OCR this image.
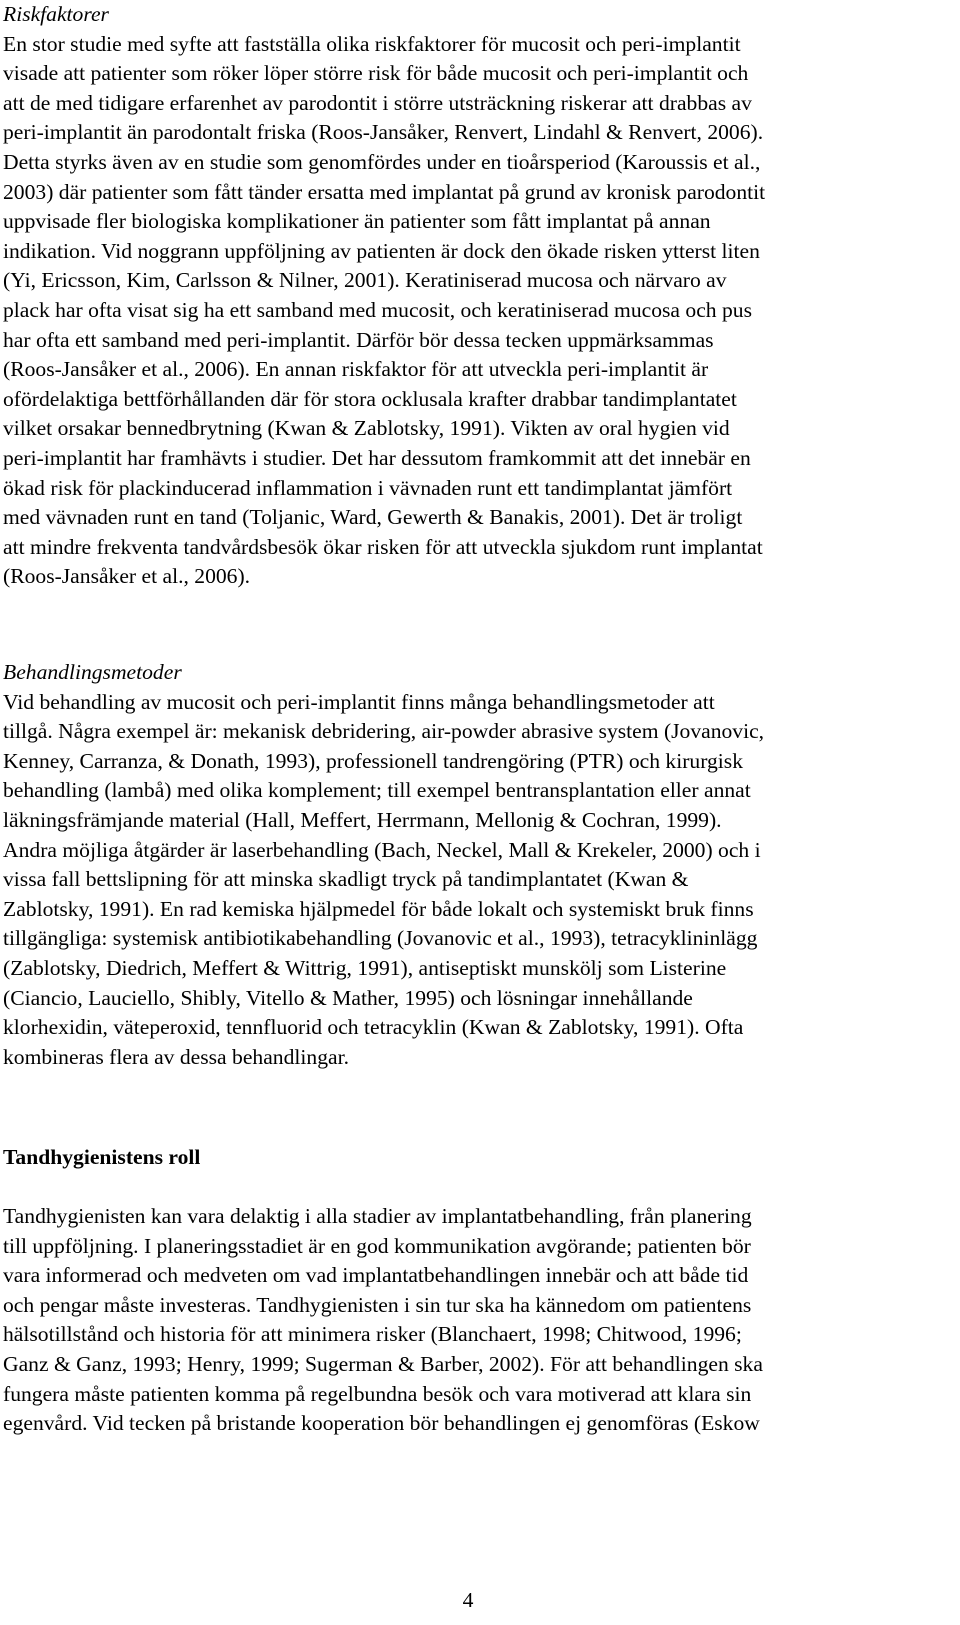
Riskfaktorer

En stor studie med syfte att fastställa olika riskfaktorer för mucosit och peri-implantit

visade att patienter som röker löper större risk för både mucosit och peri-implantit och

att de med tidigare erfarenhet av parodontit i större utsträckning riskerar att drabbas av

peri-implantit än parodontalt friska (Roos-Jansåker, Renvert, Lindahl & Renvert, 2006).

Detta styrks även av en studie som genomfördes under en tioårsperiod (Karoussis et al.,

2003) där patienter som fått tänder ersatta med implantat på grund av kronisk parodontit

uppvisade fler biologiska komplikationer än patienter som fått implantat på annan

indikation. Vid noggrann uppföljning av patienten är dock den ökade risken ytterst liten

(Yi, Ericsson, Kim, Carlsson & Nilner, 2001). Keratiniserad mucosa och närvaro av

plack har ofta visat sig ha ett samband med mucosit, och keratiniserad mucosa och pus

har ofta ett samband med peri-implantit. Därför bör dessa tecken uppmärksammas

(Roos-Jansåker et al., 2006). En annan riskfaktor för att utveckla peri-implantit är

ofördelaktiga bettförhållanden där för stora ocklusala krafter drabbar tandimplantatet

vilket orsakar bennedbrytning (Kwan & Zablotsky, 1991). Vikten av oral hygien vid

peri-implantit har framhävts i studier. Det har dessutom framkommit att det innebär en

ökad risk för plackinducerad inflammation i vävnaden runt ett tandimplantat jämfört

med vävnaden runt en tand (Toljanic, Ward, Gewerth & Banakis, 2001). Det är troligt

att mindre frekventa tandvårdsbesök ökar risken för att utveckla sjukdom runt implantat

(Roos-Jansåker et al., 2006).

Behandlingsmetoder

Vid behandling av mucosit och peri-implantit finns många behandlingsmetoder att

tillgå. Några exempel är: mekanisk debridering, air-powder abrasive system (Jovanovic,

Kenney, Carranza, & Donath, 1993), professionell tandrengöring (PTR) och kirurgisk

behandling (lambå) med olika komplement; till exempel bentransplantation eller annat

läkningsfrämjande material (Hall, Meffert, Herrmann, Mellonig & Cochran, 1999).

Andra möjliga åtgärder är laserbehandling (Bach, Neckel, Mall & Krekeler, 2000) och i

vissa fall bettslipning för att minska skadligt tryck på tandimplantatet (Kwan &

Zablotsky, 1991). En rad kemiska hjälpmedel för både lokalt och systemiskt bruk finns

tillgängliga: systemisk antibiotikabehandling (Jovanovic et al., 1993), tetracyklininlägg

(Zablotsky, Diedrich, Meffert & Wittrig, 1991), antiseptiskt munskölj som Listerine

(Ciancio, Lauciello, Shibly, Vitello & Mather, 1995) och lösningar innehållande

klorhexidin, väteperoxid, tennfluorid och tetracyklin (Kwan & Zablotsky, 1991). Ofta

kombineras flera av dessa behandlingar.

Tandhygienistens roll

Tandhygienisten kan vara delaktig i alla stadier av implantatbehandling, från planering

till uppföljning. I planeringsstadiet är en god kommunikation avgörande; patienten bör

vara informerad och medveten om vad implantatbehandlingen innebär och att både tid

och pengar måste investeras. Tandhygienisten i sin tur ska ha kännedom om patientens

hälsotillstånd och historia för att minimera risker (Blanchaert, 1998; Chitwood, 1996;

Ganz & Ganz, 1993; Henry, 1999; Sugerman & Barber, 2002). För att behandlingen ska

fungera måste patienten komma på regelbundna besök och vara motiverad att klara sin

egenvård. Vid tecken på bristande kooperation bör behandlingen ej genomföras (Eskow

4
